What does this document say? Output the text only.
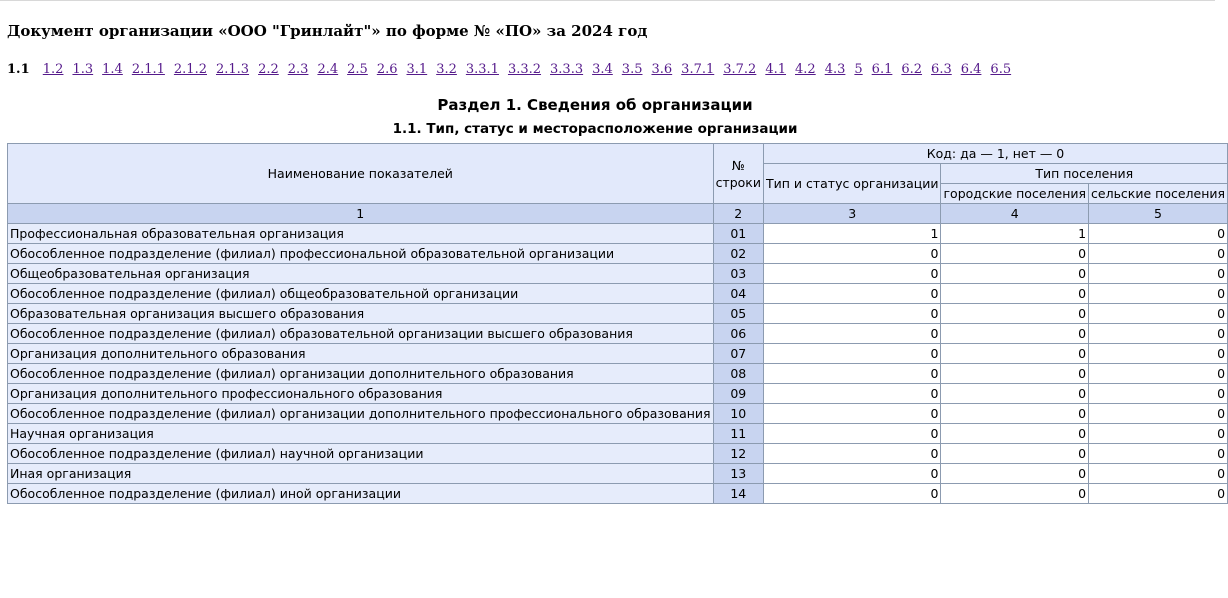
Документ организации «ООО "Гринлайт"» по форме № «ПО» за 2024 год
1.1 1.2 1.3 1.4 2.1.1 2.1.2 2.1.3 2.2 2.3 2.4 2.5 2.6 3.1 3.2 3.3.1 3.3.2 3.3.3 3.4 3.5 3.6 3.7.1 3.7.2 4.1 4.2 4.3 5 6.1 6.2 6.3 6.4 6.5
Раздел 1. Сведения об организации
1.1. Тип, статус и месторасположение организации
Наименование показателей	№ строки	Код: да — 1, нет — 0		
		Тип и статус организации	Тип поселения	
			городские поселения	сельские поселения
1	2	3	4	5
Профессиональная образовательная организация	01	1	1	0
Обособленное подразделение (филиал) профессиональной образовательной организации	02	0	0	0
Общеобразовательная организация	03	0	0	0
Обособленное подразделение (филиал) общеобразовательной организации	04	0	0	0
Образовательная организация высшего образования	05	0	0	0
Обособленное подразделение (филиал) образовательной организации высшего образования	06	0	0	0
Организация дополнительного образования	07	0	0	0
Обособленное подразделение (филиал) организации дополнительного образования	08	0	0	0
Организация дополнительного профессионального образования	09	0	0	0
Обособленное подразделение (филиал) организации дополнительного профессионального образования	10	0	0	0
Научная организация	11	0	0	0
Обособленное подразделение (филиал) научной организации	12	0	0	0
Иная организация	13	0	0	0
Обособленное подразделение (филиал) иной организации	14	0	0	0
